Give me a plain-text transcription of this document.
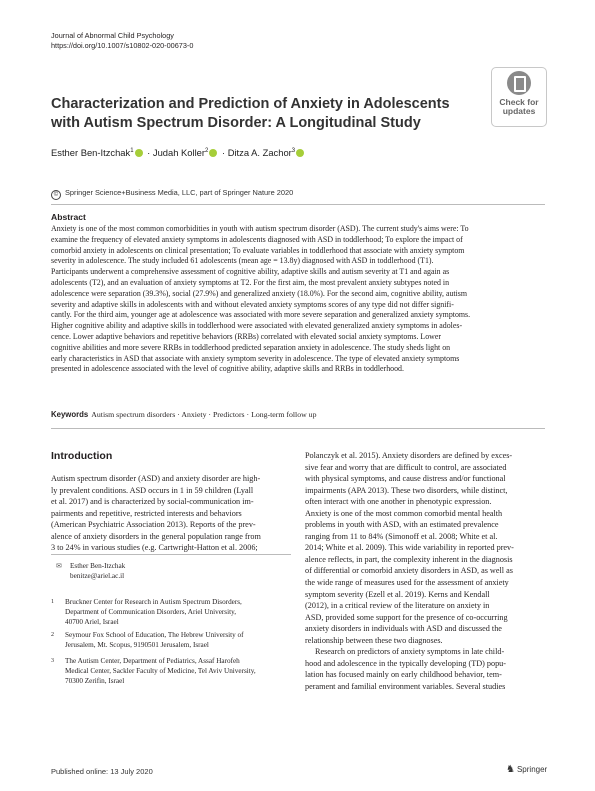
Journal of Abnormal Child Psychology
https://doi.org/10.1007/s10802-020-00673-0
Check for
updates
Characterization and Prediction of Anxiety in Adolescents
with Autism Spectrum Disorder: A Longitudinal Study
Esther Ben-Itzchak$^1$ · Judah Koller$^2$ · Ditza A. Zachor$^3$
© Springer Science+Business Media, LLC, part of Springer Nature 2020
Abstract
Anxiety is one of the most common comorbidities in youth with autism spectrum disorder (ASD). The current study's aims were: To
examine the frequency of elevated anxiety symptoms in adolescents diagnosed with ASD in toddlerhood; To explore the impact of
comorbid anxiety in adolescents on clinical presentation; To evaluate variables in toddlerhood that associate with anxiety symptom
severity in adolescence. The study included 61 adolescents (mean age = 13.8y) diagnosed with ASD in toddlerhood (T1).
Participants underwent a comprehensive assessment of cognitive ability, adaptive skills and autism severity at T1 and again as
adolescents (T2), and an evaluation of anxiety symptoms at T2. For the first aim, the most prevalent anxiety subtypes noted in
adolescence were separation (39.3%), social (27.9%) and generalized anxiety (18.0%). For the second aim, cognitive ability, autism
severity and adaptive skills in adolescents with and without elevated anxiety symptoms scores of any type did not differ signifi-
cantly. For the third aim, younger age at adolescence was associated with more severe separation and generalized anxiety symptoms.
Higher cognitive ability and adaptive skills in toddlerhood were associated with elevated generalized anxiety symptoms in adoles-
cence. Lower adaptive behaviors and repetitive behaviors (RRBs) correlated with elevated social anxiety symptoms. Lower
cognitive abilities and more severe RRBs in toddlerhood predicted separation anxiety in adolescence. The study sheds light on
early characteristics in ASD that associate with anxiety symptom severity in adolescence. The type of elevated anxiety symptoms
presented in adolescence associated with the level of cognitive ability, adaptive skills and RRBs in toddlerhood.
Keywords Autism spectrum disorders · Anxiety · Predictors · Long-term follow up
Introduction
Autism spectrum disorder (ASD) and anxiety disorder are high-
ly prevalent conditions. ASD occurs in 1 in 59 children (Lyall
et al. 2017) and is characterized by social-communication im-
pairments and repetitive, restricted interests and behaviors
(American Psychiatric Association 2013). Reports of the prev-
alence of anxiety disorders in the general population range from
3 to 24% in various studies (e.g. Cartwright-Hatton et al. 2006;
✉ Esther Ben-Itzchak
benitze@ariel.ac.il
1 Bruckner Center for Research in Autism Spectrum Disorders,
Department of Communication Disorders, Ariel University,
40700 Ariel, Israel
2 Seymour Fox School of Education, The Hebrew University of
Jerusalem, Mt. Scopus, 9190501 Jerusalem, Israel
3 The Autism Center, Department of Pediatrics, Assaf Harofeh
Medical Center, Sackler Faculty of Medicine, Tel Aviv University,
70300 Zerifin, Israel
Polanczyk et al. 2015). Anxiety disorders are defined by exces-
sive fear and worry that are difficult to control, are associated
with physical symptoms, and cause distress and/or functional
impairments (APA 2013). These two disorders, while distinct,
often interact with one another in phenotypic expression.
Anxiety is one of the most common comorbid mental health
problems in youth with ASD, with an estimated prevalence
ranging from 11 to 84% (Simonoff et al. 2008; White et al.
2014; White et al. 2009). This wide variability in reported prev-
alence reflects, in part, the complexity inherent in the diagnosis
of differential or comorbid anxiety disorders in ASD, as well as
the wide range of measures used for the assessment of anxiety
symptom severity (Ezell et al. 2019). Kerns and Kendall
(2012), in a critical review of the literature on anxiety in
ASD, provided some support for the presence of co-occurring
anxiety disorders in individuals with ASD and discussed the
relationship between these two diagnoses.
Research on predictors of anxiety symptoms in late child-
hood and adolescence in the typically developing (TD) popu-
lation has focused mainly on early childhood behavior, tem-
perament and familial environment variables. Several studies
Published online: 13 July 2020	♞ Springer
